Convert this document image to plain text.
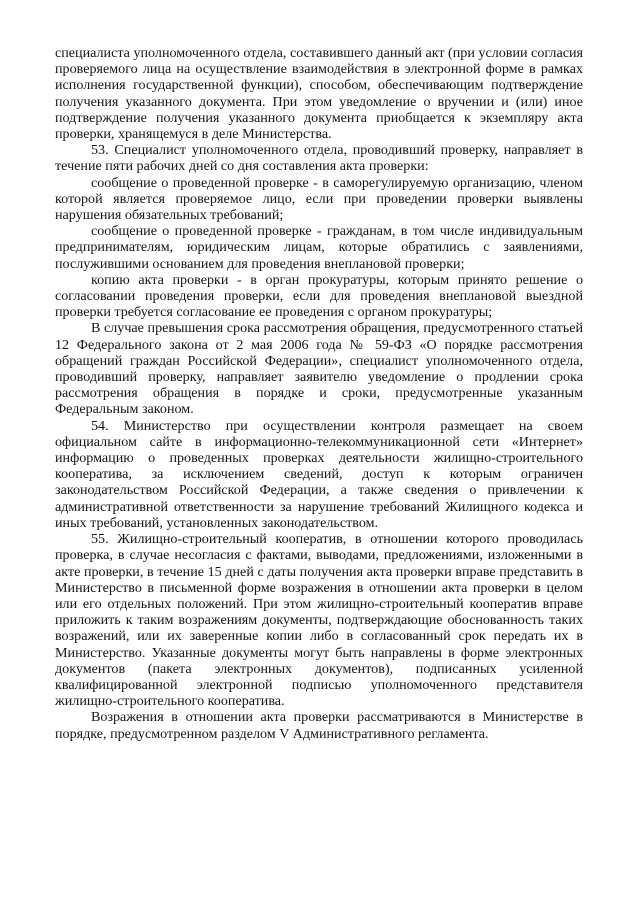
специалиста уполномоченного отдела, составившего данный акт (при условии согласия проверяемого лица на осуществление взаимодействия в электронной форме в рамках исполнения государственной функции), способом, обеспечивающим подтверждение получения указанного документа. При этом уведомление о вручении и (или) иное подтверждение получения указанного документа приобщается к экземпляру акта проверки, хранящемуся в деле Министерства.

53. Специалист уполномоченного отдела, проводивший проверку, направляет в течение пяти рабочих дней со дня составления акта проверки:

сообщение о проведенной проверке - в саморегулируемую организацию, членом которой является проверяемое лицо, если при проведении проверки выявлены нарушения обязательных требований;

сообщение о проведенной проверке - гражданам, в том числе индивидуальным предпринимателям, юридическим лицам, которые обратились с заявлениями, послужившими основанием для проведения внеплановой проверки;

копию акта проверки - в орган прокуратуры, которым принято решение о согласовании проведения проверки, если для проведения внеплановой выездной проверки требуется согласование ее проведения с органом прокуратуры;

В случае превышения срока рассмотрения обращения, предусмотренного статьей 12 Федерального закона от 2 мая 2006 года № 59-ФЗ «О порядке рассмотрения обращений граждан Российской Федерации», специалист уполномоченного отдела, проводивший проверку, направляет заявителю уведомление о продлении срока рассмотрения обращения в порядке и сроки, предусмотренные указанным Федеральным законом.

54. Министерство при осуществлении контроля размещает на своем официальном сайте в информационно-телекоммуникационной сети «Интернет» информацию о проведенных проверках деятельности жилищно-строительного кооператива, за исключением сведений, доступ к которым ограничен законодательством Российской Федерации, а также сведения о привлечении к административной ответственности за нарушение требований Жилищного кодекса и иных требований, установленных законодательством.

55. Жилищно-строительный кооператив, в отношении которого проводилась проверка, в случае несогласия с фактами, выводами, предложениями, изложенными в акте проверки, в течение 15 дней с даты получения акта проверки вправе представить в Министерство в письменной форме возражения в отношении акта проверки в целом или его отдельных положений. При этом жилищно-строительный кооператив вправе приложить к таким возражениям документы, подтверждающие обоснованность таких возражений, или их заверенные копии либо в согласованный срок передать их в Министерство. Указанные документы могут быть направлены в форме электронных документов (пакета электронных документов), подписанных усиленной квалифицированной электронной подписью уполномоченного представителя жилищно-строительного кооператива.

Возражения в отношении акта проверки рассматриваются в Министерстве в порядке, предусмотренном разделом V Административного регламента.
